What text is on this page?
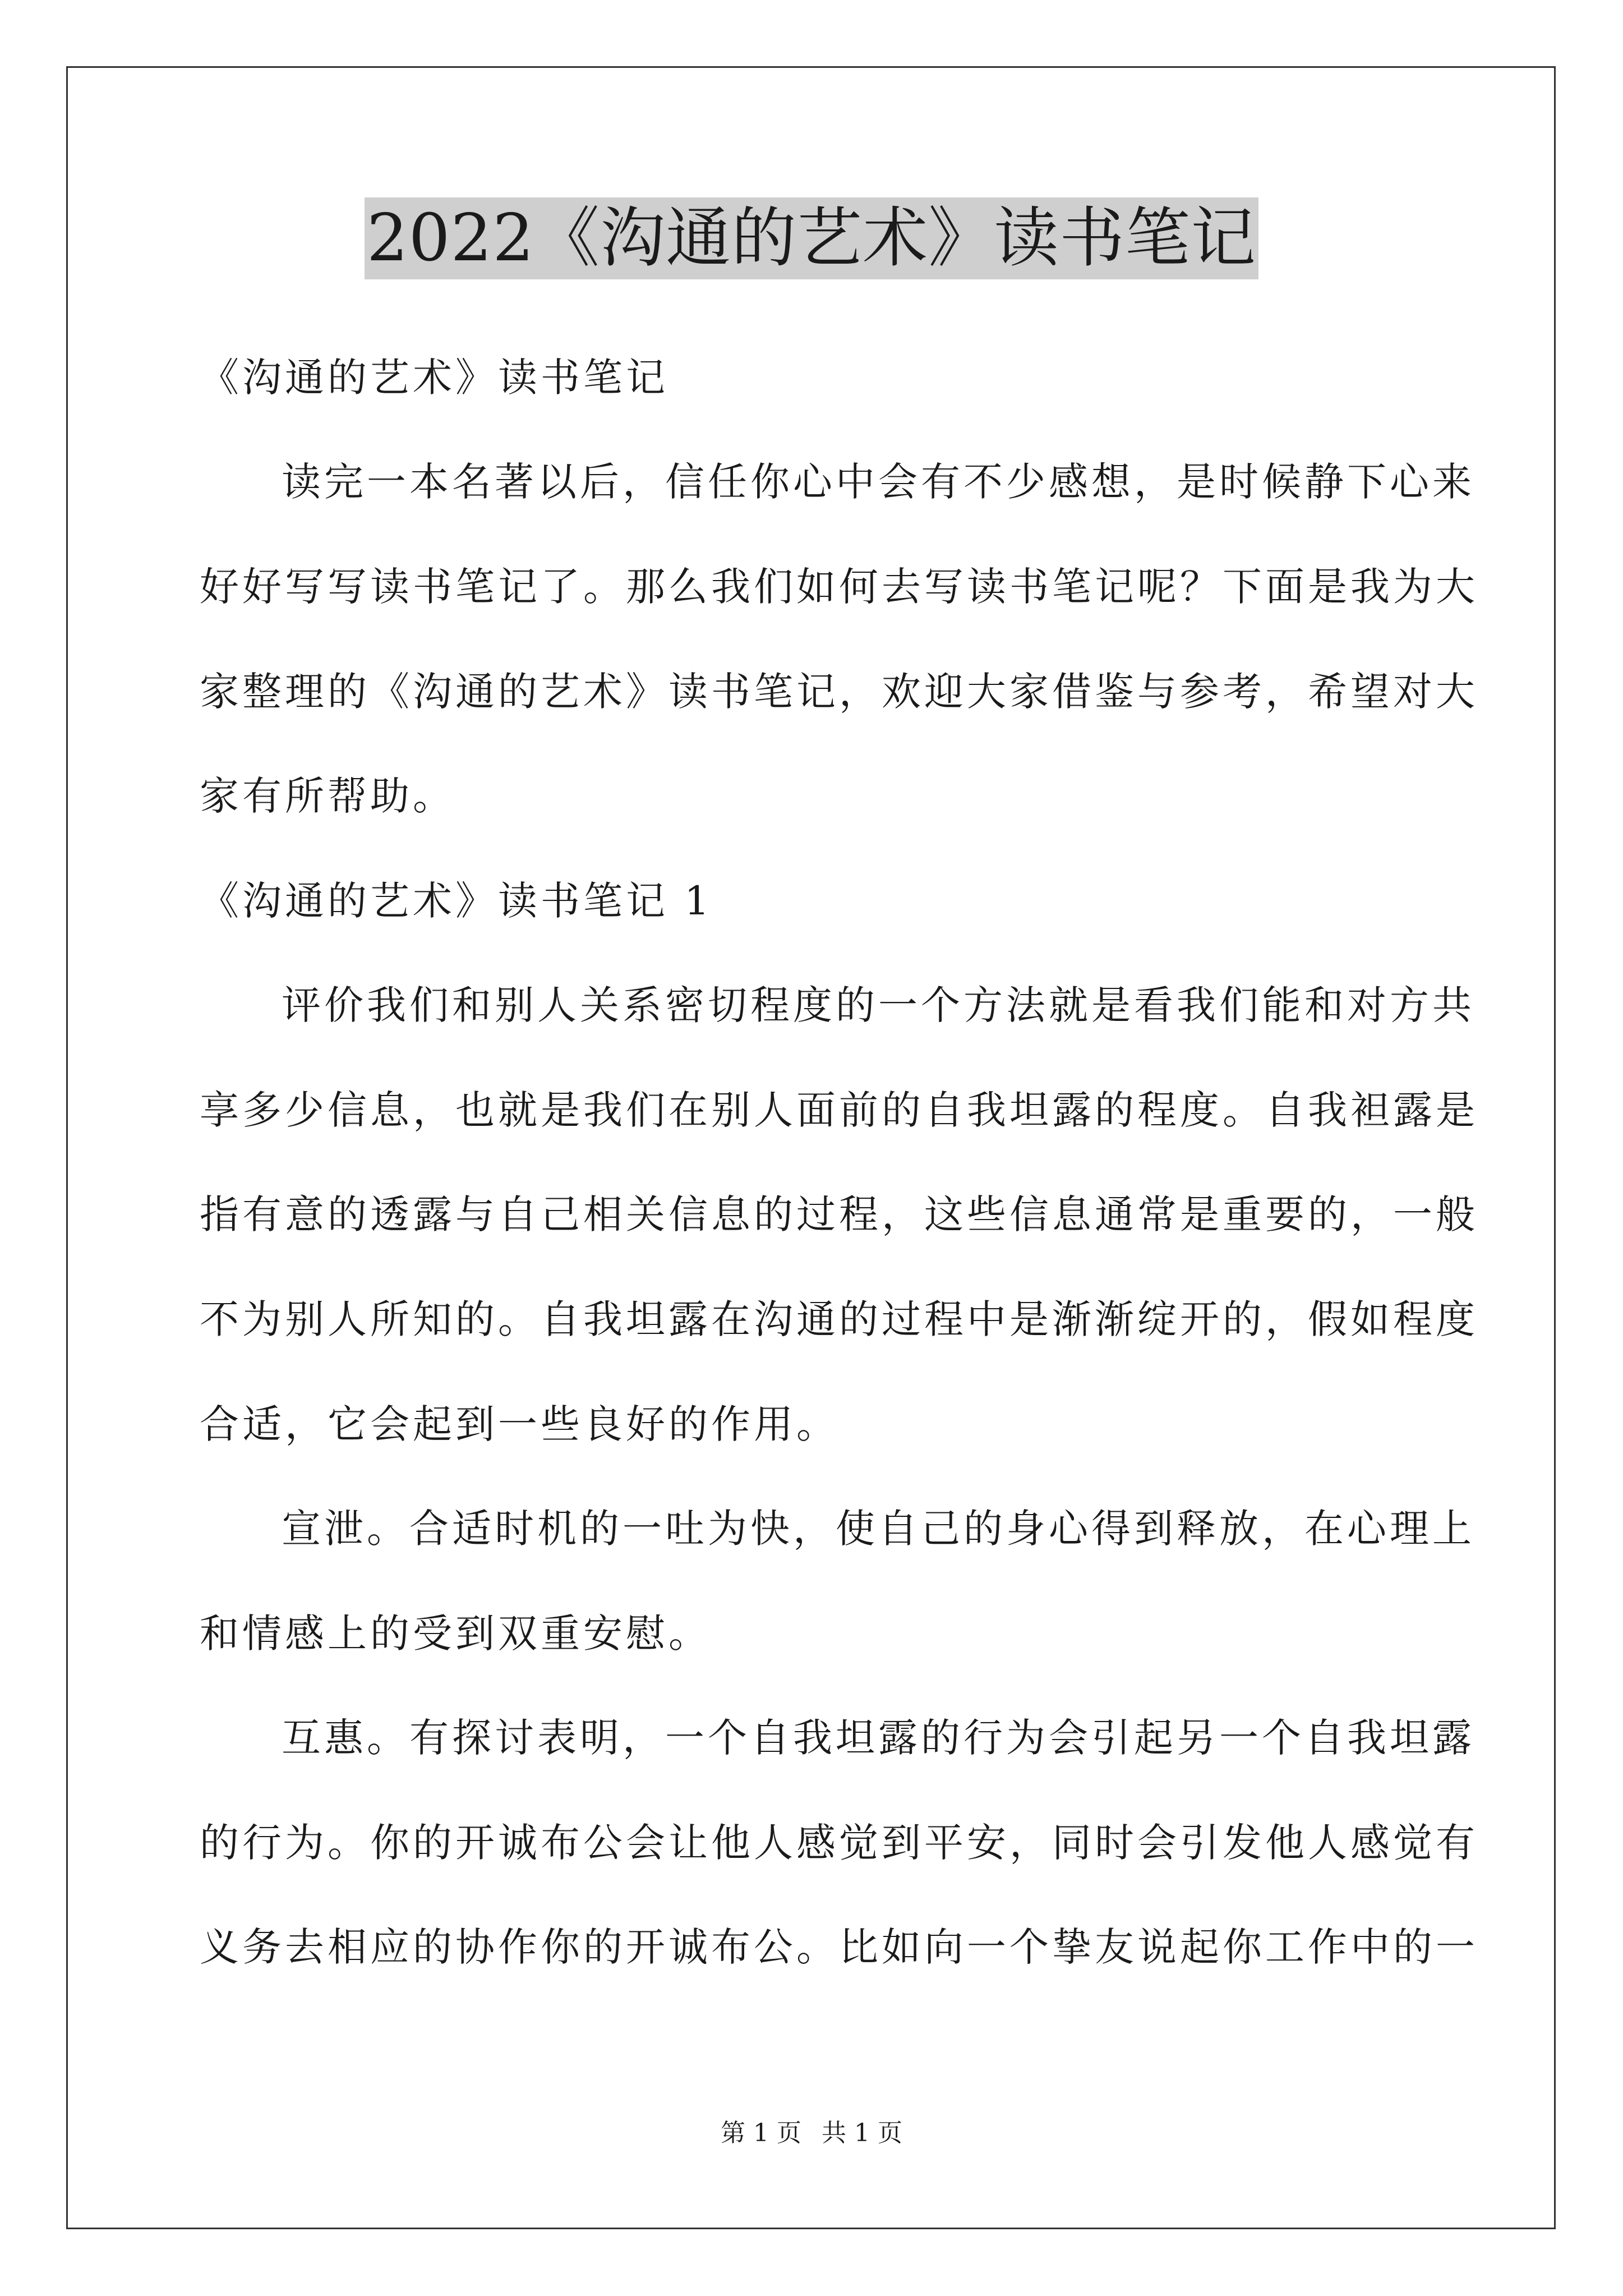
2022《沟通的艺术》读书笔记
《沟通的艺术》读书笔记
读完一本名著以后，信任你心中会有不少感想，是时候静下心来
好好写写读书笔记了。那么我们如何去写读书笔记呢？下面是我为大
家整理的《沟通的艺术》读书笔记，欢迎大家借鉴与参考，希望对大
家有所帮助。
《沟通的艺术》读书笔记 1
评价我们和别人关系密切程度的一个方法就是看我们能和对方共
享多少信息，也就是我们在别人面前的自我坦露的程度。自我袒露是
指有意的透露与自己相关信息的过程，这些信息通常是重要的，一般
不为别人所知的。自我坦露在沟通的过程中是渐渐绽开的，假如程度
合适，它会起到一些良好的作用。
宣泄。合适时机的一吐为快，使自己的身心得到释放，在心理上
和情感上的受到双重安慰。
互惠。有探讨表明，一个自我坦露的行为会引起另一个自我坦露
的行为。你的开诚布公会让他人感觉到平安，同时会引发他人感觉有
义务去相应的协作你的开诚布公。比如向一个挚友说起你工作中的一
第 1 页 共 1 页
